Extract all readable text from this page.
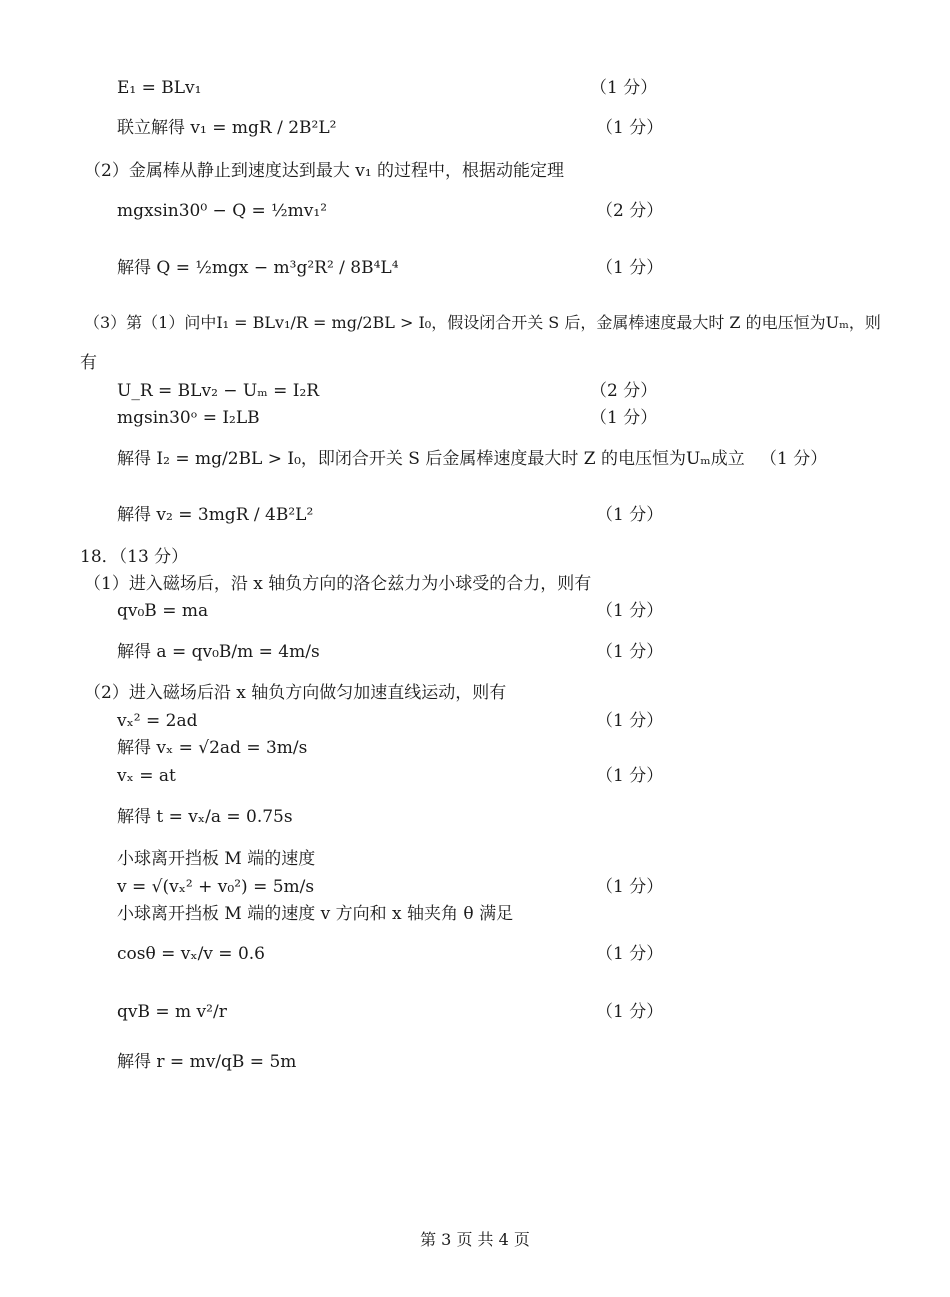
E₁ = BLv₁	（1 分）
联立解得 v₁ = mgR / 2B²L²	（1 分）
（2）金属棒从静止到速度达到最大 v₁ 的过程中，根据动能定理
mgxsin30⁰ − Q = ½mv₁²	（2 分）
解得 Q = ½mgx − m³g²R² / 8B⁴L⁴	（1 分）
（3）第（1）问中I₁ = BLv₁/R = mg/2BL > I₀，假设闭合开关 S 后，金属棒速度最大时 Z 的电压恒为Uₘ，则
有
U_R = BLv₂ − Uₘ = I₂R	（2 分）
mgsin30ᵒ = I₂LB	（1 分）
解得 I₂ = mg/2BL > I₀，即闭合开关 S 后金属棒速度最大时 Z 的电压恒为Uₘ成立 （1 分）
解得 v₂ = 3mgR / 4B²L²	（1 分）
18．（13 分）
（1）进入磁场后，沿 x 轴负方向的洛仑兹力为小球受的合力，则有
qv₀B = ma	（1 分）
解得 a = qv₀B/m = 4m/s	（1 分）
（2）进入磁场后沿 x 轴负方向做匀加速直线运动，则有
vₓ² = 2ad	（1 分）
解得 vₓ = √2ad = 3m/s
vₓ = at	（1 分）
解得 t = vₓ/a = 0.75s
小球离开挡板 M 端的速度
v = √(vₓ² + v₀²) = 5m/s	（1 分）
小球离开挡板 M 端的速度 v 方向和 x 轴夹角 θ 满足
cosθ = vₓ/v = 0.6	（1 分）
qvB = m v²/r	（1 分）
解得 r = mv/qB = 5m
第 3 页 共 4 页
